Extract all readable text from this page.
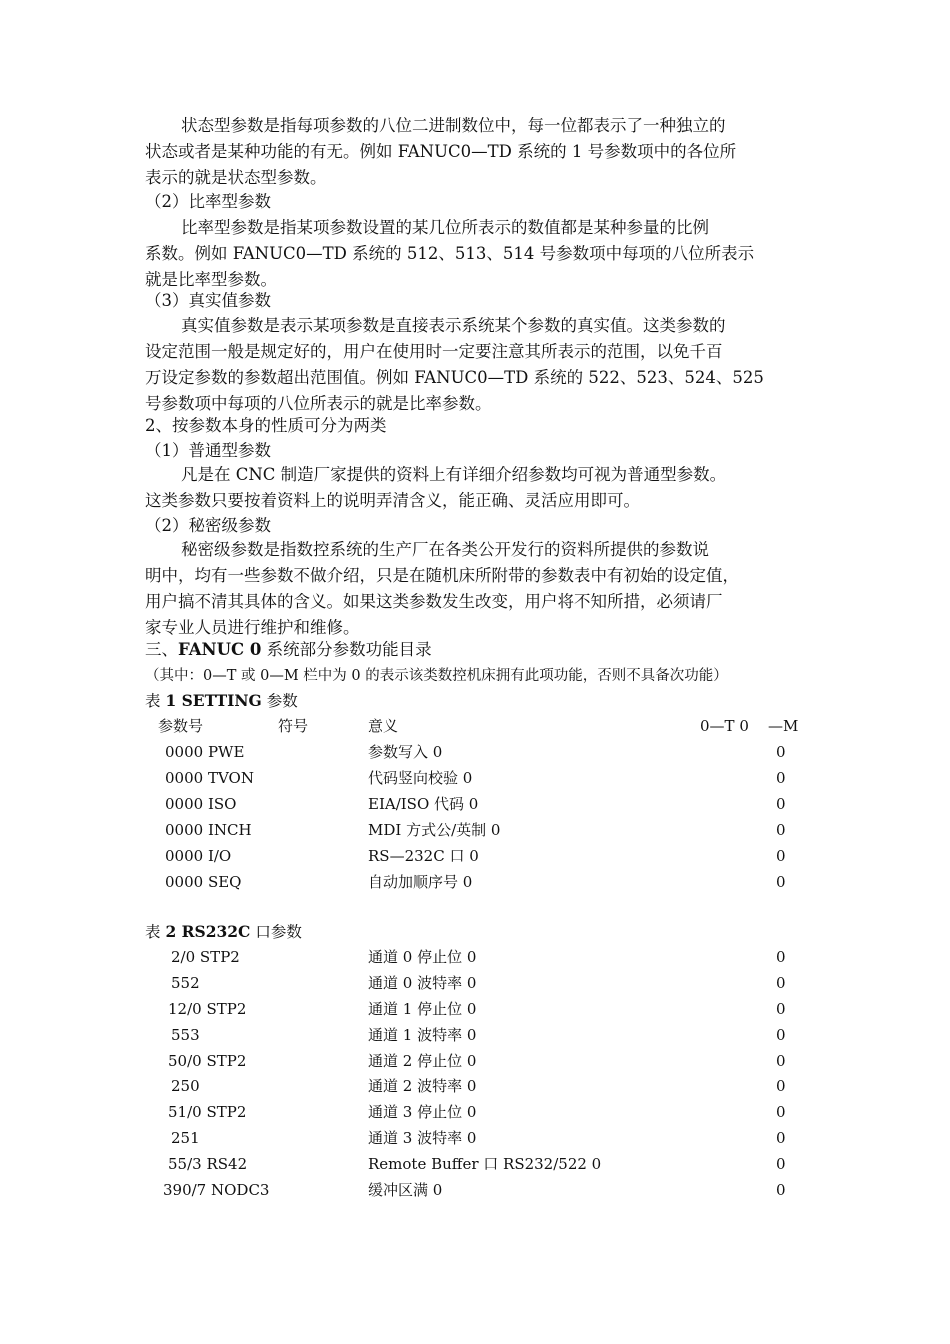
状态型参数是指每项参数的八位二进制数位中，每一位都表示了一种独立的
状态或者是某种功能的有无。例如 FANUC0—TD 系统的 1 号参数项中的各位所
表示的就是状态型参数。
（2）比率型参数
比率型参数是指某项参数设置的某几位所表示的数值都是某种参量的比例
系数。例如 FANUC0—TD 系统的 512、513、514 号参数项中每项的八位所表示
就是比率型参数。
（3）真实值参数
真实值参数是表示某项参数是直接表示系统某个参数的真实值。这类参数的
设定范围一般是规定好的，用户在使用时一定要注意其所表示的范围，以免千百
万设定参数的参数超出范围值。例如 FANUC0—TD 系统的 522、523、524、525
号参数项中每项的八位所表示的就是比率参数。
2、按参数本身的性质可分为两类
（1）普通型参数
凡是在 CNC 制造厂家提供的资料上有详细介绍参数均可视为普通型参数。
这类参数只要按着资料上的说明弄清含义，能正确、灵活应用即可。
（2）秘密级参数
秘密级参数是指数控系统的生产厂在各类公开发行的资料所提供的参数说
明中，均有一些参数不做介绍，只是在随机床所附带的参数表中有初始的设定值，
用户搞不清其具体的含义。如果这类参数发生改变，用户将不知所措，必须请厂
家专业人员进行维护和维修。
三、FANUC 0 系统部分参数功能目录
（其中：0—T 或 0—M 栏中为 0 的表示该类数控机床拥有此项功能，否则不具备次功能）
表 1 SETTING 参数
参数号	符号	意义	0—T 0 —M
0000 PWE	参数写入 0	0
0000 TVON	代码竖向校验 0	0
0000 ISO	EIA/ISO 代码 0	0
0000 INCH	MDI 方式公/英制 0	0
0000 I/O	RS—232C 口 0	0
0000 SEQ	自动加顺序号 0	0
表 2 RS232C 口参数
2/0 STP2	通道 0 停止位 0	0
552	通道 0 波特率 0	0
12/0 STP2	通道 1 停止位 0	0
553	通道 1 波特率 0	0
50/0 STP2	通道 2 停止位 0	0
250	通道 2 波特率 0	0
51/0 STP2	通道 3 停止位 0	0
251	通道 3 波特率 0	0
55/3 RS42	Remote Buffer 口 RS232/522 0	0
390/7 NODC3	缓冲区满 0	0
